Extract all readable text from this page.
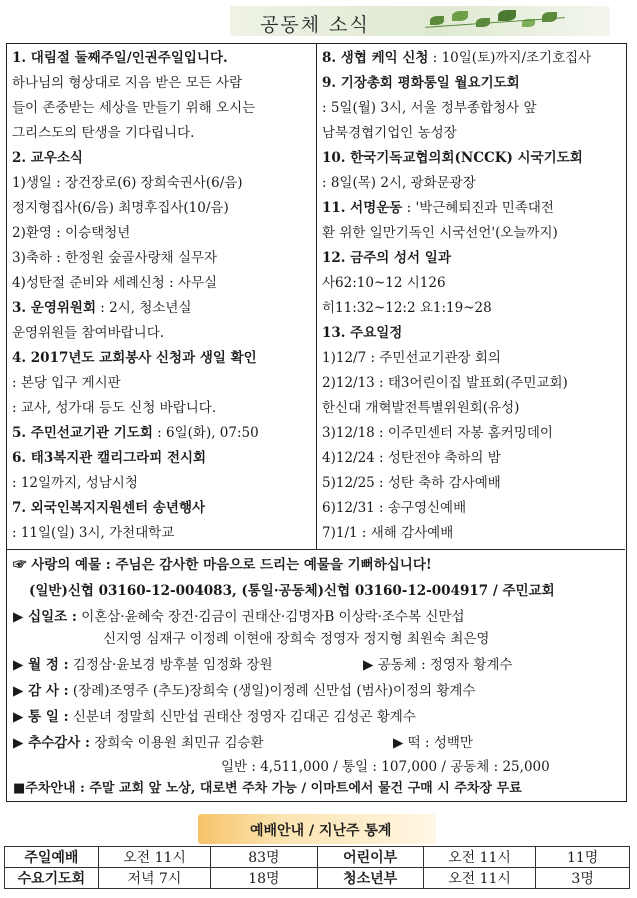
공동체 소식
1. 대림절 둘째주일/인권주일입니다.
하나님의 형상대로 지음 받은 모든 사람
들이 존중받는 세상을 만들기 위해 오시는
그리스도의 탄생을 기다립니다.
2. 교우소식
1)생일 : 장건장로(6) 장희숙권사(6/음)
정지형집사(6/음) 최명후집사(10/음)
2)환영 : 이승택청년
3)축하 : 한정원 숲골사랑채 실무자
4)성탄절 준비와 세례신청 : 사무실
3. 운영위원회 : 2시, 청소년실
운영위원들 참여바랍니다.
4. 2017년도 교회봉사 신청과 생일 확인
: 본당 입구 게시판
: 교사, 성가대 등도 신청 바랍니다.
5. 주민선교기관 기도회 : 6일(화), 07:50
6. 태3복지관 캘리그라피 전시회
: 12일까지, 성남시청
7. 외국인복지지원센터 송년행사
: 11일(일) 3시, 가천대학교
8. 생협 케익 신청 : 10일(토)까지/조기호집사
9. 기장총회 평화통일 월요기도회
: 5일(월) 3시, 서울 정부종합청사 앞
남북경협기업인 농성장
10. 한국기독교협의회(NCCK) 시국기도회
: 8일(목) 2시, 광화문광장
11. 서명운동 : '박근혜퇴진과 민족대전
환 위한 일만기독인 시국선언'(오늘까지)
12. 금주의 성서 일과
사62:10~12 시126
히11:32~12:2 요1:19~28
13. 주요일정
1)12/7 : 주민선교기관장 회의
2)12/13 : 태3어린이집 발표회(주민교회)
한신대 개혁발전특별위원회(유성)
3)12/18 : 이주민센터 자봉 홈커밍데이
4)12/24 : 성탄전야 축하의 밤
5)12/25 : 성탄 축하 감사예배
6)12/31 : 송구영신예배
7)1/1 : 새해 감사예배
☞ 사랑의 예물 : 주님은 감사한 마음으로 드리는 예물을 기뻐하십니다!
(일반)신협 03160-12-004083, (통일·공동체)신협 03160-12-004917 / 주민교회
▶ 십일조 : 이혼삼·윤혜숙 장건·김금이 권태산·김명자B 이상락·조수복 신만섭
신지영 심재구 이정례 이현애 장희숙 정영자 정지형 최원숙 최은영
▶ 월 정 : 김정삼·윤보경 방후불 임정화 장원	▶ 공동체 : 정영자 황계수
▶ 감 사 : (장례)조영주 (추도)장희숙 (생일)이정례 신만섭 (범사)이정의 황계수
▶ 통 일 : 신분녀 정말희 신만섭 권태산 정영자 김대곤 김성곤 황계수
▶ 추수감사 : 장희숙 이용원 최민규 김승환	▶ 떡 : 성백만
일반 : 4,511,000 / 통일 : 107,000 / 공동체 : 25,000
■주차안내 : 주말 교회 앞 노상, 대로변 주차 가능 / 이마트에서 물건 구매 시 주차장 무료
예배안내 / 지난주 통계
주일예배	오전 11시	83명	어린이부	오전 11시	11명
수요기도회	저녁 7시	18명	청소년부	오전 11시	3명
